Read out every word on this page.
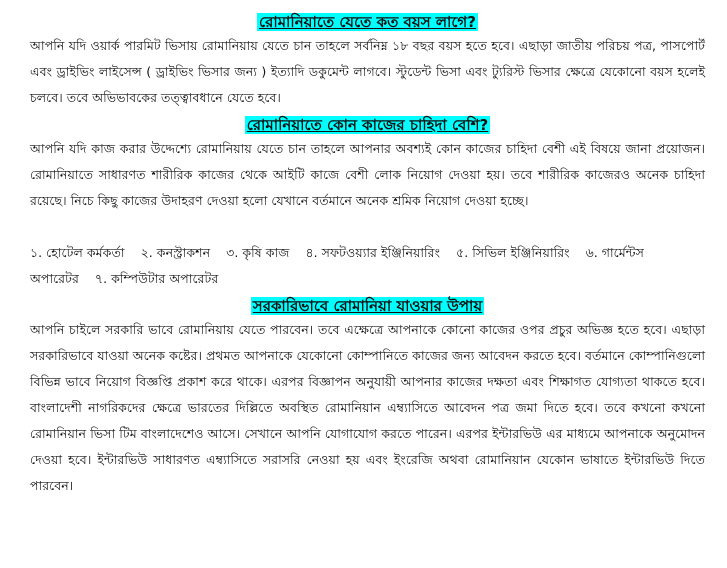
রোমানিয়াতে যেতে কত বয়স লাগে?

আপনি যদি ওয়ার্ক পারমিট ভিসায় রোমানিয়ায় যেতে চান তাহলে সর্বনিম্ন ১৮ বছর বয়স হতে হবে। এছাড়া জাতীয় পরিচয় পত্র, পাসপোর্ট এবং ড্রাইভিং লাইসেন্স ( ড্রাইভিং ভিসার জন্য ) ইত্যাদি ডকুমেন্ট লাগবে। স্টুডেন্ট ভিসা এবং ট্যুরিস্ট ভিসার ক্ষেত্রে যেকোনো বয়স হলেই চলবে। তবে অভিভাবকের তত্ত্বাবধানে যেতে হবে।

রোমানিয়াতে কোন কাজের চাহিদা বেশি?

আপনি যদি কাজ করার উদ্দেশ্যে রোমানিয়ায় যেতে চান তাহলে আপনার অবশ্যই কোন কাজের চাহিদা বেশী এই বিষয়ে জানা প্রয়োজন। রোমানিয়াতে সাধারণত শারীরিক কাজের থেকে আইটি কাজে বেশী লোক নিয়োগ দেওয়া হয়। তবে শারীরিক কাজেরও অনেক চাহিদা রয়েছে। নিচে কিছু কাজের উদাহরণ দেওয়া হলো যেখানে বর্তমানে অনেক শ্রমিক নিয়োগ দেওয়া হচ্ছে।

১. হোটেল কর্মকর্তা ২. কনস্ট্রাকশন ৩. কৃষি কাজ ৪. সফটওয়্যার ইঞ্জিনিয়ারিং ৫. সিভিল ইঞ্জিনিয়ারিং ৬. গার্মেন্টস অপারেটর ৭. কম্পিউটার অপারেটর

সরকারিভাবে রোমানিয়া যাওয়ার উপায়

আপনি চাইলে সরকারি ভাবে রোমানিয়ায় যেতে পারবেন। তবে এক্ষেত্রে আপনাকে কোনো কাজের ওপর প্রচুর অভিজ্ঞ হতে হবে। এছাড়া সরকারিভাবে যাওয়া অনেক কষ্টের। প্রথমত আপনাকে যেকোনো কোম্পানিতে কাজের জন্য আবেদন করতে হবে। বর্তমানে কোম্পানিগুলো বিভিন্ন ভাবে নিয়োগ বিজ্ঞপ্তি প্রকাশ করে থাকে। এরপর বিজ্ঞাপন অনুযায়ী আপনার কাজের দক্ষতা এবং শিক্ষাগত যোগ্যতা থাকতে হবে। বাংলাদেশী নাগরিকদের ক্ষেত্রে ভারতের দিল্লিতে অবস্থিত রোমানিয়ান এম্ব্যাসিতে আবেদন পত্র জমা দিতে হবে। তবে কখনো কখনো রোমানিয়ান ভিসা টিম বাংলাদেশেও আসে। সেখানে আপনি যোগাযোগ করতে পারেন। এরপর ইন্টারভিউ এর মাধ্যমে আপনাকে অনুমোদন দেওয়া হবে। ইন্টারভিউ সাধারণত এম্ব্যাসিতে সরাসরি নেওয়া হয় এবং ইংরেজি অথবা রোমানিয়ান যেকোন ভাষাতে ইন্টারভিউ দিতে পারবেন।
